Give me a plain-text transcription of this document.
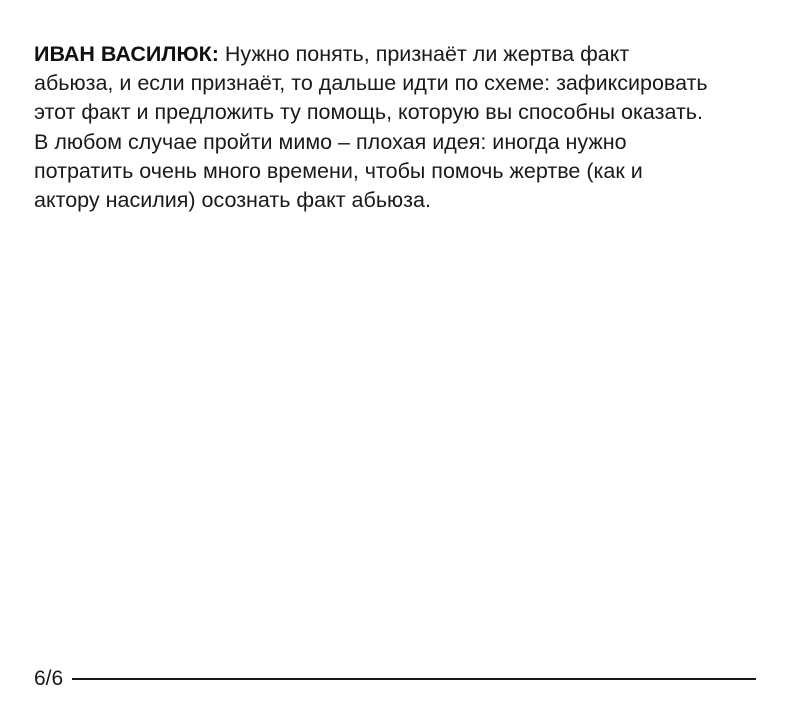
ИВАН ВАСИЛЮК: Нужно понять, признаёт ли жертва факт
абьюза, и если признаёт, то дальше идти по схеме: зафиксировать
этот факт и предложить ту помощь, которую вы способны оказать.
В любом случае пройти мимо – плохая идея: иногда нужно
потратить очень много времени, чтобы помочь жертве (как и
актору насилия) осознать факт абьюза.
6/6
